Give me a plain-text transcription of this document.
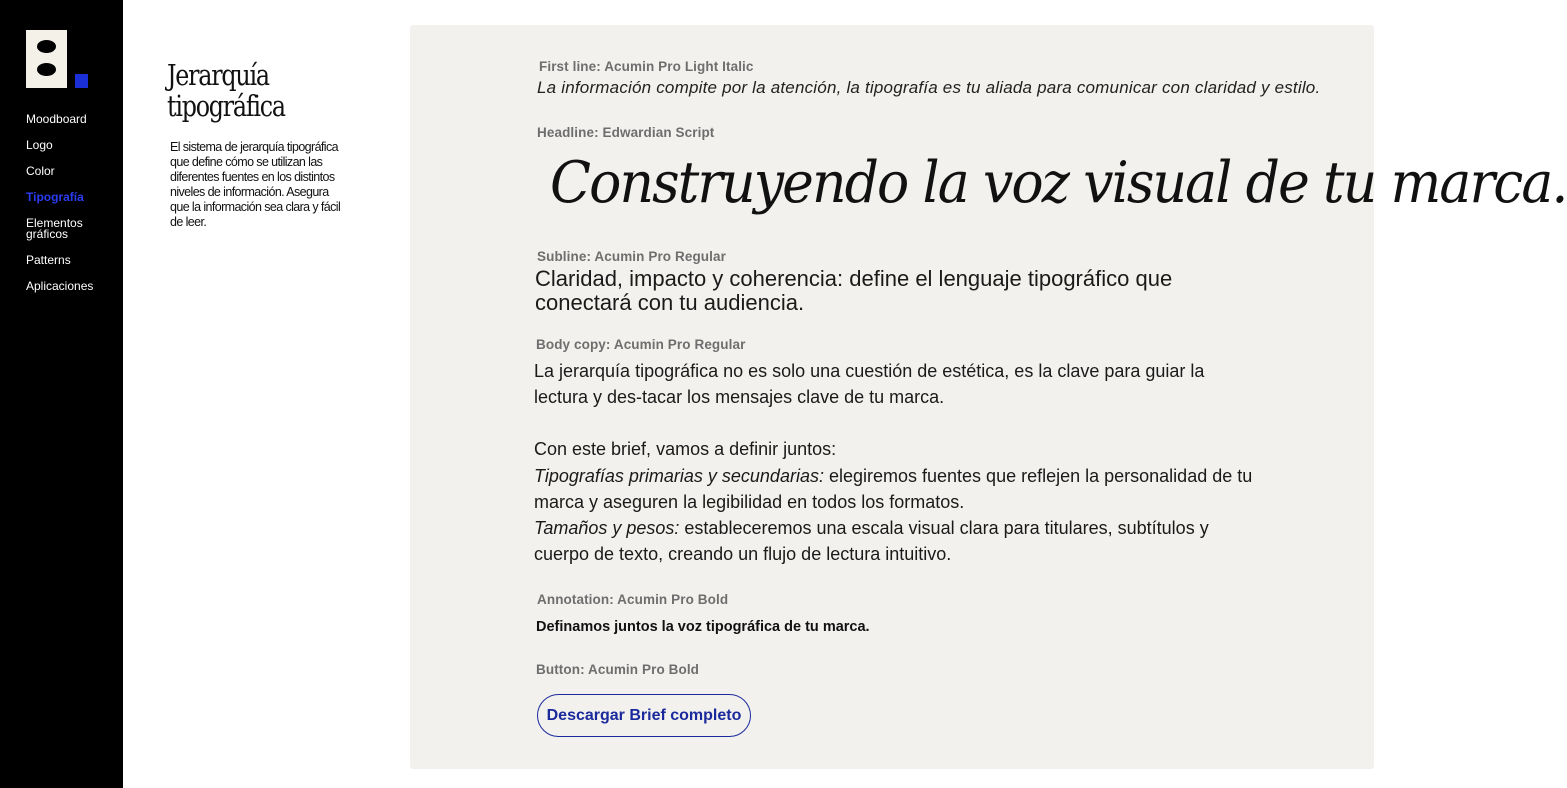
Moodboard
Logo
Color
Tipografía
Elementos gráficos
Patterns
Aplicaciones
Jerarquía
tipográfica

El sistema de jerarquía tipográfica que define cómo se utilizan las diferentes fuentes en los distintos niveles de información. Asegura que la información sea clara y fácil de leer.

First line: Acumin Pro Light Italic

La información compite por la atención, la tipografía es tu aliada para comunicar con claridad y estilo.

Headline: Edwardian Script

Construyendo la voz visual de tu marca.

Subline: Acumin Pro Regular

Claridad, impacto y coherencia: define el lenguaje tipográfico que conectará con tu audiencia.

Body copy: Acumin Pro Regular

La jerarquía tipográfica no es solo una cuestión de estética, es la clave para guiar la lectura y des-tacar los mensajes clave de tu marca.

Con este brief, vamos a definir juntos:

Tipografías primarias y secundarias: elegiremos fuentes que reflejen la personalidad de tu marca y aseguren la legibilidad en todos los formatos.

Tamaños y pesos: estableceremos una escala visual clara para titulares, subtítulos y cuerpo de texto, creando un flujo de lectura intuitivo.

Annotation: Acumin Pro Bold

Definamos juntos la voz tipográfica de tu marca.

Button: Acumin Pro Bold

Descargar Brief completo
